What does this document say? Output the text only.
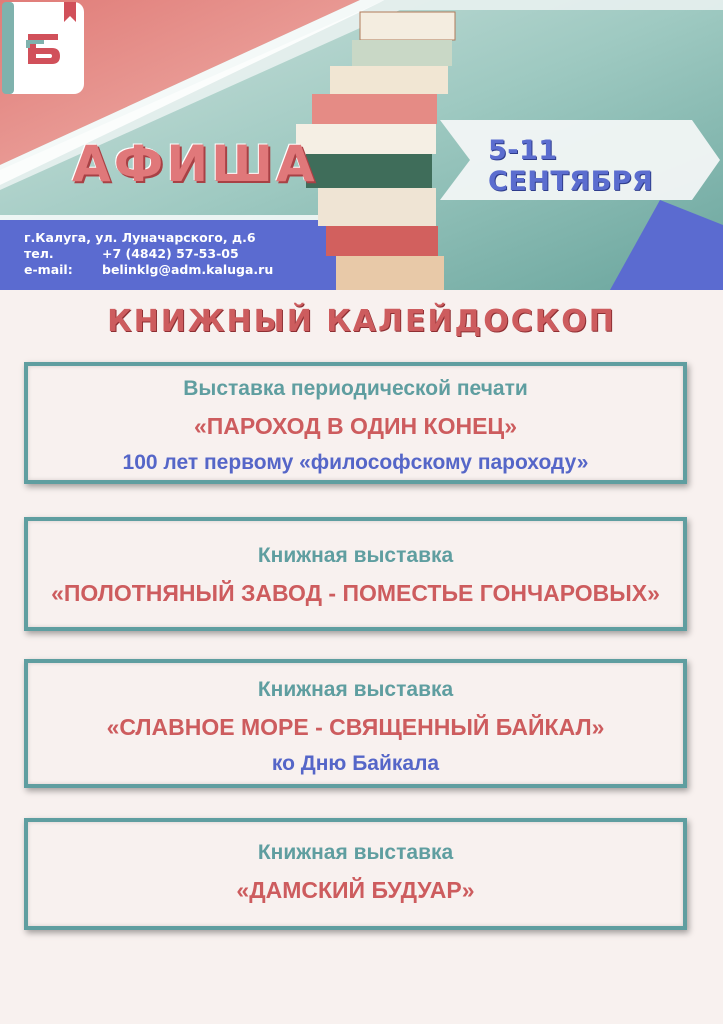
АФИША	5-11 СЕНТЯБРЯ
г.Калуга, ул. Луначарского, д.6
тел.	+7 (4842) 57-53-05
e-mail:	belinklg@adm.kaluga.ru
КНИЖНЫЙ КАЛЕЙДОСКОП
Выставка периодической печати
«ПАРОХОД В ОДИН КОНЕЦ»
100 лет первому «философскому пароходу»
Книжная выставка
«ПОЛОТНЯНЫЙ ЗАВОД - ПОМЕСТЬЕ ГОНЧАРОВЫХ»
Книжная выставка
«СЛАВНОЕ МОРЕ - СВЯЩЕННЫЙ БАЙКАЛ»
ко Дню Байкала
Книжная выставка
«ДАМСКИЙ БУДУАР»
